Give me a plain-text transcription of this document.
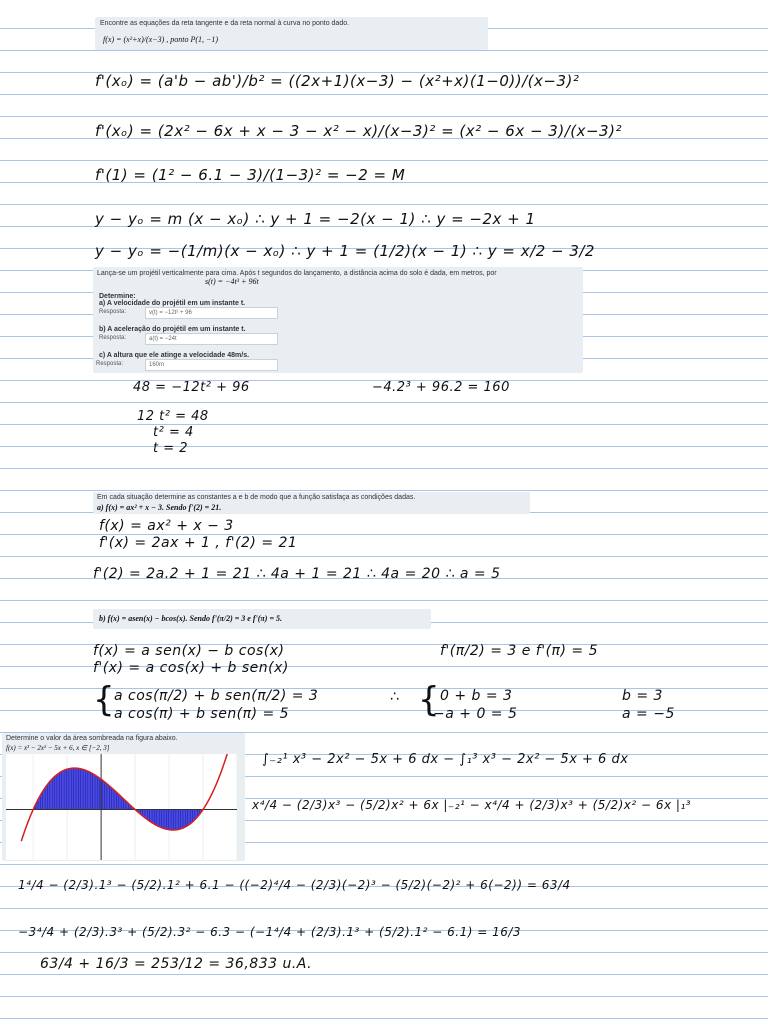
Encontre as equações da reta tangente e da reta normal à curva no ponto dado.
f(x) = (x²+x)/(x−3) , ponto P(1, −1)
f'(xₒ) = (a'b − ab')/b² = ((2x+1)(x−3) − (x²+x)(1−0))/(x−3)²
f'(xₒ) = (2x² − 6x + x − 3 − x² − x)/(x−3)² = (x² − 6x − 3)/(x−3)²
f'(1) = (1² − 6.1 − 3)/(1−3)² = −2 = M
y − yₒ = m (x − xₒ) ∴ y + 1 = −2(x − 1) ∴ y = −2x + 1
y − yₒ = −(1/m)(x − xₒ) ∴ y + 1 = (1/2)(x − 1) ∴ y = x/2 − 3/2
Lança-se um projétil verticalmente para cima. Após t segundos do lançamento, a distância acima do solo é dada, em metros, por
s(t) = −4t³ + 96t
Determine:
a) A velocidade do projétil em um instante t.
Resposta:	v(t) = −12t² + 96
b) A aceleração do projétil em um instante t.
Resposta:	a(t) = −24t
c) A altura que ele atinge a velocidade 48m/s.
Resposta:	160m
48 = −12t² + 96	−4.2³ + 96.2 = 160
12 t² = 48
t² = 4
t = 2
Em cada situação determine as constantes a e b de modo que a função satisfaça as condições dadas.
a) f(x) = ax² + x − 3. Sendo f'(2) = 21.
f(x) = ax² + x − 3
f'(x) = 2ax + 1 , f'(2) = 21
f'(2) = 2a.2 + 1 = 21 ∴ 4a + 1 = 21 ∴ 4a = 20 ∴ a = 5
b) f(x) = asen(x) − bcos(x). Sendo f'(π/2) = 3 e f'(π) = 5.
f(x) = a sen(x) − b cos(x)	f'(π/2) = 3 e f'(π) = 5
f'(x) = a cos(x) + b sen(x)
{
a cos(π/2) + b sen(π/2) = 3
a cos(π) + b sen(π) = 5
∴ { 0 + b = 3
−a + 0 = 5
b = 3
a = −5
Determine o valor da área sombreada na figura abaixo.
f(x) = x³ − 2x² − 5x + 6, x ∈ [−2, 3]
∫₋₂¹ x³ − 2x² − 5x + 6 dx − ∫₁³ x³ − 2x² − 5x + 6 dx
x⁴/4 − (2/3)x³ − (5/2)x² + 6x |₋₂¹ − x⁴/4 + (2/3)x³ + (5/2)x² − 6x |₁³
1⁴/4 − (2/3).1³ − (5/2).1² + 6.1 − ((−2)⁴/4 − (2/3)(−2)³ − (5/2)(−2)² + 6(−2)) = 63/4
−3⁴/4 + (2/3).3³ + (5/2).3² − 6.3 − (−1⁴/4 + (2/3).1³ + (5/2).1² − 6.1) = 16/3
63/4 + 16/3 = 253/12 = 36,833 u.A.
